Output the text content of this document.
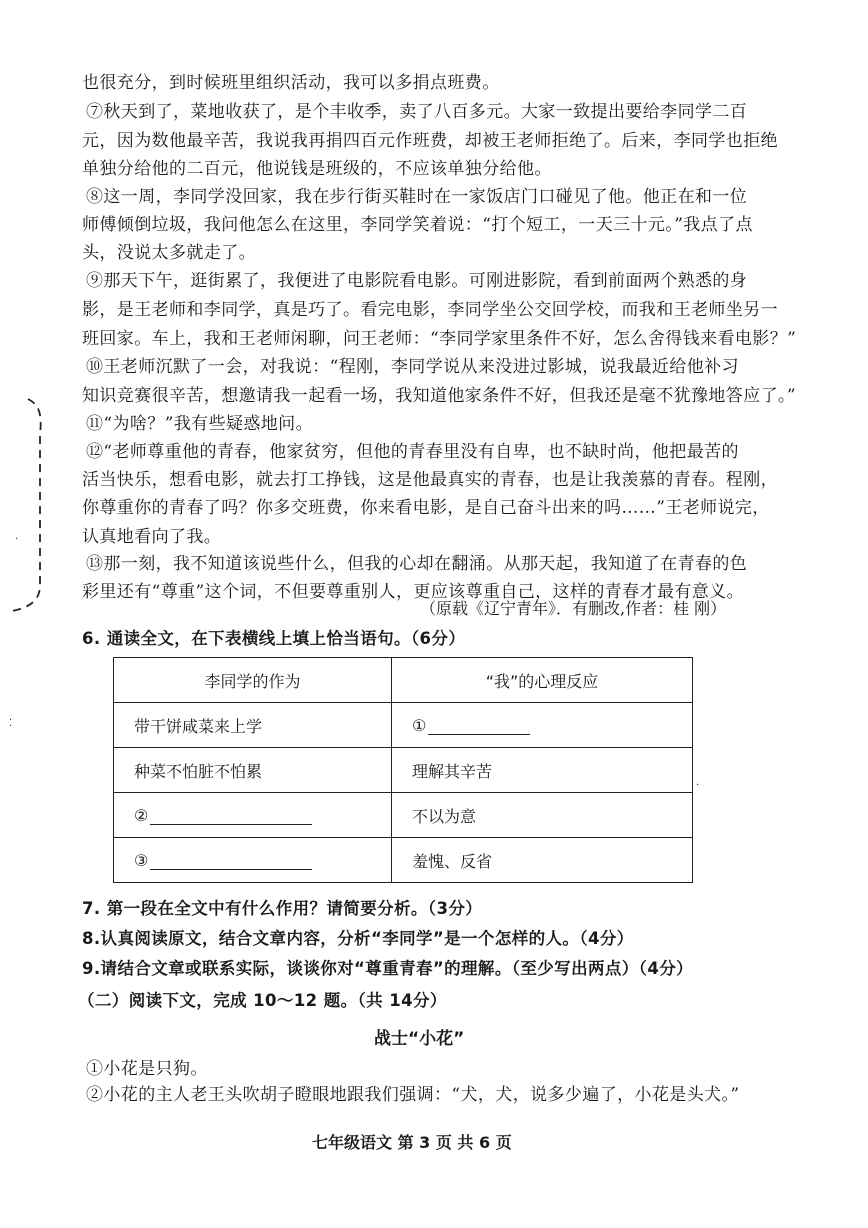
·
⁚
·
也很充分，到时候班里组织活动，我可以多捐点班费。
⑦秋天到了，菜地收获了，是个丰收季，卖了八百多元。大家一致提出要给李同学二百
元，因为数他最辛苦，我说我再捐四百元作班费，却被王老师拒绝了。后来，李同学也拒绝
单独分给他的二百元，他说钱是班级的，不应该单独分给他。
⑧这一周，李同学没回家，我在步行街买鞋时在一家饭店门口碰见了他。他正在和一位
师傅倾倒垃圾，我问他怎么在这里，李同学笑着说：“打个短工，一天三十元。”我点了点
头，没说太多就走了。
⑨那天下午，逛街累了，我便进了电影院看电影。可刚进影院，看到前面两个熟悉的身
影，是王老师和李同学，真是巧了。看完电影，李同学坐公交回学校，而我和王老师坐另一
班回家。车上，我和王老师闲聊，问王老师：“李同学家里条件不好，怎么舍得钱来看电影？”
⑩王老师沉默了一会，对我说：“程刚，李同学说从来没进过影城，说我最近给他补习
知识竞赛很辛苦，想邀请我一起看一场，我知道他家条件不好，但我还是毫不犹豫地答应了。”
⑪“为啥？”我有些疑惑地问。
⑫“老师尊重他的青春，他家贫穷，但他的青春里没有自卑，也不缺时尚，他把最苦的
活当快乐，想看电影，就去打工挣钱，这是他最真实的青春，也是让我羡慕的青春。程刚，
你尊重你的青春了吗？你多交班费，你来看电影，是自己奋斗出来的吗……”王老师说完，
认真地看向了我。
⑬那一刻，我不知道该说些什么，但我的心却在翻涌。从那天起，我知道了在青春的色
彩里还有“尊重”这个词，不但要尊重别人，更应该尊重自己，这样的青春才最有意义。
（原载《辽宁青年》．有删改,作者：桂 刚）
6. 通读全文，在下表横线上填上恰当语句。（6分）
李同学的作为	“我”的心理反应
带干饼咸菜来上学	①
种菜不怕脏不怕累	理解其辛苦
②	不以为意
③	羞愧、反省
7. 第一段在全文中有什么作用？请简要分析。（3分）
8.认真阅读原文，结合文章内容，分析“李同学”是一个怎样的人。（4分）
9.请结合文章或联系实际，谈谈你对“尊重青春”的理解。（至少写出两点）（4分）
（二）阅读下文，完成 10～12 题。（共 14分）
战士“小花”
①小花是只狗。
②小花的主人老王头吹胡子瞪眼地跟我们强调：“犬，犬，说多少遍了，小花是头犬。”
七年级语文 第 3 页 共 6 页
